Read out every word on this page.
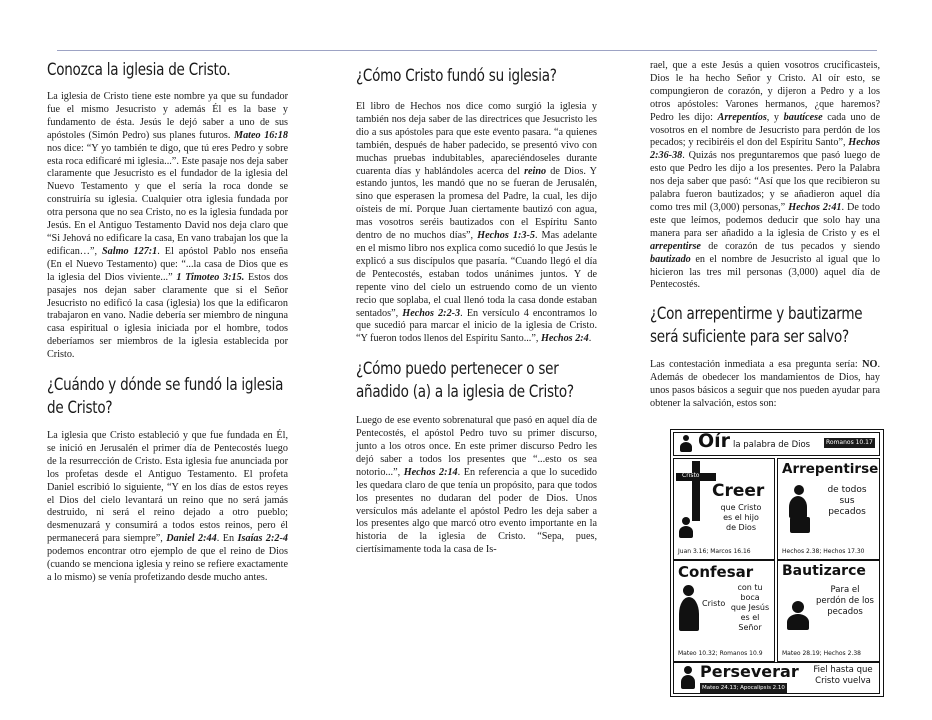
Conozca la iglesia de Cristo.

La iglesia de Cristo tiene este nombre ya que su fundador fue el mismo Jesucristo y además Él es la base y fundamento de ésta. Jesús le dejó saber a uno de sus apóstoles (Simón Pedro) sus planes futuros. Mateo 16:18 nos dice: “Y yo también te digo, que tú eres Pedro y sobre esta roca edificaré mi iglesia...”. Este pasaje nos deja saber claramente que Jesucristo es el fundador de la iglesia del Nuevo Testamento y que el sería la roca donde se construiría su iglesia. Cualquier otra iglesia fundada por otra persona que no sea Cristo, no es la iglesia fundada por Jesús. En el Antiguo Testamento David nos deja claro que “Si Jehová no edificare la casa, En vano trabajan los que la edifican…”, Salmo 127:1. El apóstol Pablo nos enseña (En el Nuevo Testamento) que: “...la casa de Dios que es la iglesia del Dios viviente...” 1 Timoteo 3:15. Estos dos pasajes nos dejan saber claramente que si el Señor Jesucristo no edificó la casa (iglesia) los que la edificaron trabajaron en vano. Nadie debería ser miembro de ninguna casa espiritual o iglesia iniciada por el hombre, todos deberíamos ser miembros de la iglesia establecida por Cristo.

¿Cuándo y dónde se fundó la iglesia de Cristo?

La iglesia que Cristo estableció y que fue fundada en Él, se inició en Jerusalén el primer día de Pentecostés luego de la resurrección de Cristo. Esta iglesia fue anunciada por los profetas desde el Antiguo Testamento. El profeta Daniel escribió lo siguiente, “Y en los días de estos reyes el Dios del cielo levantará un reino que no será jamás destruido, ni será el reino dejado a otro pueblo; desmenuzará y consumirá a todos estos reinos, pero él permanecerá para siempre”, Daniel 2:44. En Isaías 2:2-4 podemos encontrar otro ejemplo de que el reino de Dios (cuando se menciona iglesia y reino se refiere exactamente a lo mismo) se venía profetizando desde mucho antes.

¿Cómo Cristo fundó su iglesia?

El libro de Hechos nos dice como surgió la iglesia y también nos deja saber de las directrices que Jesucristo les dio a sus apóstoles para que este evento pasara. “a quienes también, después de haber padecido, se presentó vivo con muchas pruebas indubitables, apareciéndoseles durante cuarenta días y hablándoles acerca del reino de Dios. Y estando juntos, les mandó que no se fueran de Jerusalén, sino que esperasen la promesa del Padre, la cual, les dijo oísteis de mí. Porque Juan ciertamente bautizó con agua, mas vosotros seréis bautizados con el Espíritu Santo dentro de no muchos días”, Hechos 1:3-5. Mas adelante en el mismo libro nos explica como sucedió lo que Jesús le explicó a sus discípulos que pasaría. “Cuando llegó el día de Pentecostés, estaban todos unánimes juntos. Y de repente vino del cielo un estruendo como de un viento recio que soplaba, el cual llenó toda la casa donde estaban sentados”, Hechos 2:2-3. En versículo 4 encontramos lo que sucedió para marcar el inicio de la iglesia de Cristo. “Y fueron todos llenos del Espíritu Santo...”, Hechos 2:4.

¿Cómo puedo pertenecer o ser añadido (a) a la iglesia de Cristo?

Luego de ese evento sobrenatural que pasó en aquel día de Pentecostés, el apóstol Pedro tuvo su primer discurso, junto a los otros once. En este primer discurso Pedro les dejó saber a todos los presentes que “...esto os sea notorio...”, Hechos 2:14. En referencia a que lo sucedido les quedara claro de que tenía un propósito, para que todos los presentes no dudaran del poder de Dios. Unos versículos más adelante el apóstol Pedro les deja saber a los presentes algo que marcó otro evento importante en la historia de la iglesia de Cristo. “Sepa, pues, ciertísimamente toda la casa de Is-

rael, que a este Jesús a quien vosotros crucificasteis, Dios le ha hecho Señor y Cristo. Al oír esto, se compungieron de corazón, y dijeron a Pedro y a los otros apóstoles: Varones hermanos, ¿que haremos? Pedro les dijo: Arrepentíos, y bautícese cada uno de vosotros en el nombre de Jesucristo para perdón de los pecados; y recibiréis el don del Espíritu Santo”, Hechos 2:36-38. Quizás nos preguntaremos que pasó luego de esto que Pedro les dijo a los presentes. Pero la Palabra nos deja saber que pasó: “Así que los que recibieron su palabra fueron bautizados; y se añadieron aquel día como tres mil (3,000) personas,” Hechos 2:41. De todo este que leímos, podemos deducir que solo hay una manera para ser añadido a la iglesia de Cristo y es el arrepentirse de corazón de tus pecados y siendo bautizado en el nombre de Jesucristo al igual que lo hicieron las tres mil personas (3,000) aquel día de Pentecostés.

¿Con arrepentirme y bautizarme será suficiente para ser salvo?

Las contestación inmediata a esa pregunta sería: NO. Además de obedecer los mandamientos de Dios, hay unos pasos básicos a seguir que nos pueden ayudar para obtener la salvación, estos son:

Oír la palabra de Dios	Romanos 10.17
Cristo
Creer
que Cristo
es el hijo
de Dios
Juan 3.16; Marcos 16.16
Arrepentirse
de todos
sus
pecados
Hechos 2.38; Hechos 17.30
Confesar
Cristo
con tu
boca
que Jesús
es el
Señor
Mateo 10.32; Romanos 10.9
Bautizarce
Para el
perdón de los
pecados
Mateo 28.19; Hechos 2.38
Perseverar
Mateo 24.13; Apocalipsis 2.10
Fiel hasta que
Cristo vuelva
